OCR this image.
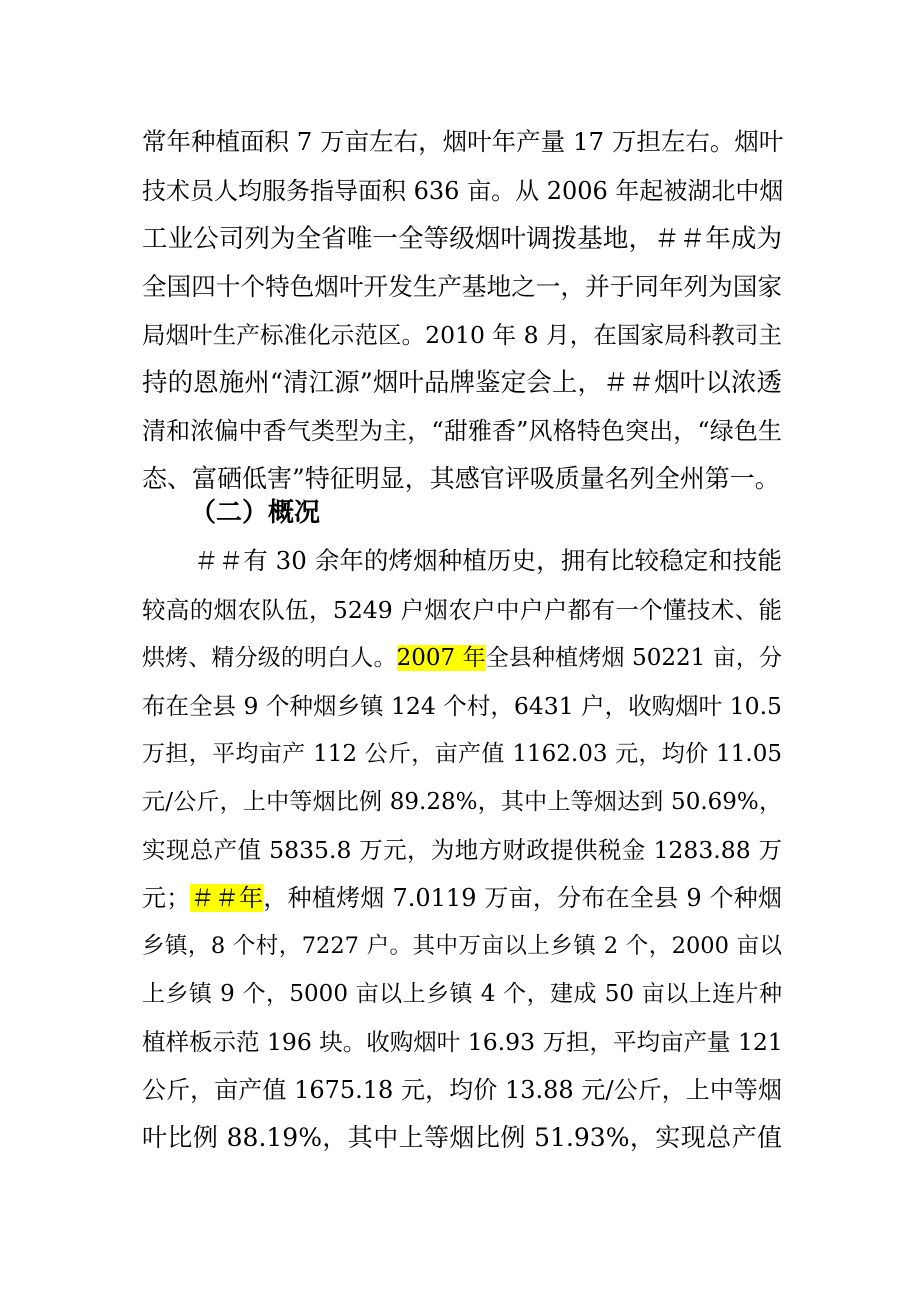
常年种植面积 7 万亩左右，烟叶年产量 17 万担左右。烟叶
技术员人均服务指导面积 636 亩。从 2006 年起被湖北中烟
工业公司列为全省唯一全等级烟叶调拨基地，＃＃年成为
全国四十个特色烟叶开发生产基地之一，并于同年列为国家
局烟叶生产标准化示范区。2010 年 8 月，在国家局科教司主
持的恩施州“清江源”烟叶品牌鉴定会上，＃＃烟叶以浓透
清和浓偏中香气类型为主，“甜雅香”风格特色突出，“绿色生
态、富硒低害”特征明显，其感官评吸质量名列全州第一。
（二）概况
＃＃有 30 余年的烤烟种植历史，拥有比较稳定和技能
较高的烟农队伍，5249 户烟农户中户户都有一个懂技术、能
烘烤、精分级的明白人。2007 年全县种植烤烟 50221 亩，分
布在全县 9 个种烟乡镇 124 个村，6431 户，收购烟叶 10.5
万担，平均亩产 112 公斤，亩产值 1162.03 元，均价 11.05
元/公斤，上中等烟比例 89.28%，其中上等烟达到 50.69%，
实现总产值 5835.8 万元，为地方财政提供税金 1283.88 万
元；＃＃年，种植烤烟 7.0119 万亩，分布在全县 9 个种烟
乡镇，8 个村，7227 户。其中万亩以上乡镇 2 个，2000 亩以
上乡镇 9 个，5000 亩以上乡镇 4 个，建成 50 亩以上连片种
植样板示范 196 块。收购烟叶 16.93 万担，平均亩产量 121
公斤，亩产值 1675.18 元，均价 13.88 元/公斤，上中等烟
叶比例 88.19%，其中上等烟比例 51.93%，实现总产值
